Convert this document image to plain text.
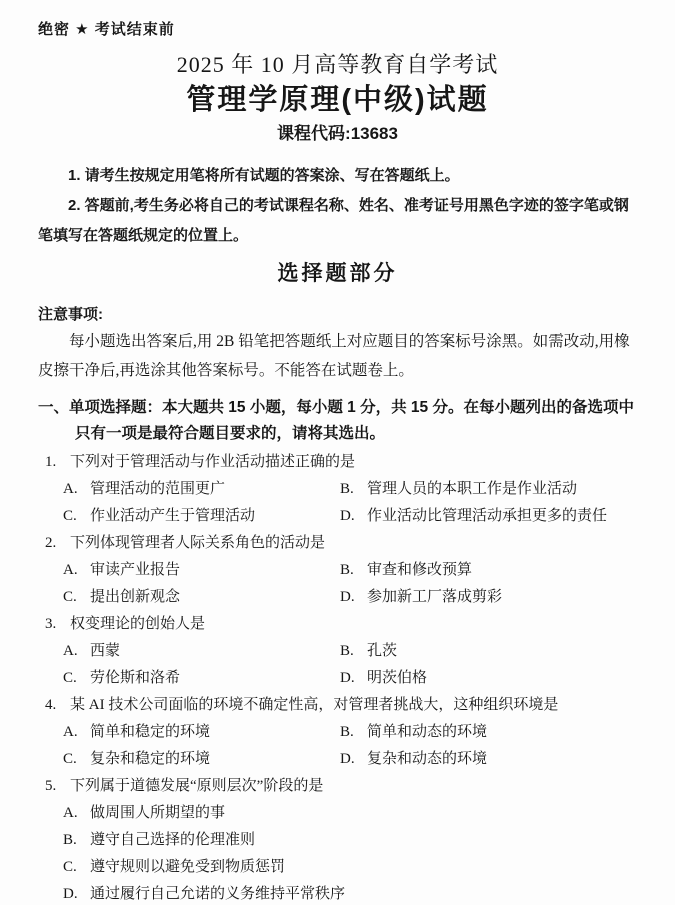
绝密 ★ 考试结束前
2025 年 10 月高等教育自学考试
管理学原理(中级)试题
课程代码:13683

1. 请考生按规定用笔将所有试题的答案涂、写在答题纸上。

2. 答题前,考生务必将自己的考试课程名称、姓名、准考证号用黑色字迹的签字笔或钢笔填写在答题纸规定的位置上。

选择题部分
注意事项:

每小题选出答案后,用 2B 铅笔把答题纸上对应题目的答案标号涂黑。如需改动,用橡皮擦干净后,再选涂其他答案标号。不能答在试题卷上。

一、单项选择题：本大题共 15 小题，每小题 1 分，共 15 分。在每小题列出的备选项中只有一项是最符合题目要求的，请将其选出。
1. 下列对于管理活动与作业活动描述正确的是
A. 管理活动的范围更广	B. 管理人员的本职工作是作业活动
C. 作业活动产生于管理活动	D. 作业活动比管理活动承担更多的责任
2. 下列体现管理者人际关系角色的活动是
A. 审读产业报告	B. 审查和修改预算
C. 提出创新观念	D. 参加新工厂落成剪彩
3. 权变理论的创始人是
A. 西蒙	B. 孔茨
C. 劳伦斯和洛希	D. 明茨伯格
4. 某 AI 技术公司面临的环境不确定性高，对管理者挑战大，这种组织环境是
A. 简单和稳定的环境	B. 简单和动态的环境
C. 复杂和稳定的环境	D. 复杂和动态的环境
5. 下列属于道德发展“原则层次”阶段的是
A. 做周围人所期望的事
B. 遵守自己选择的伦理准则
C. 遵守规则以避免受到物质惩罚
D. 通过履行自己允诺的义务维持平常秩序
